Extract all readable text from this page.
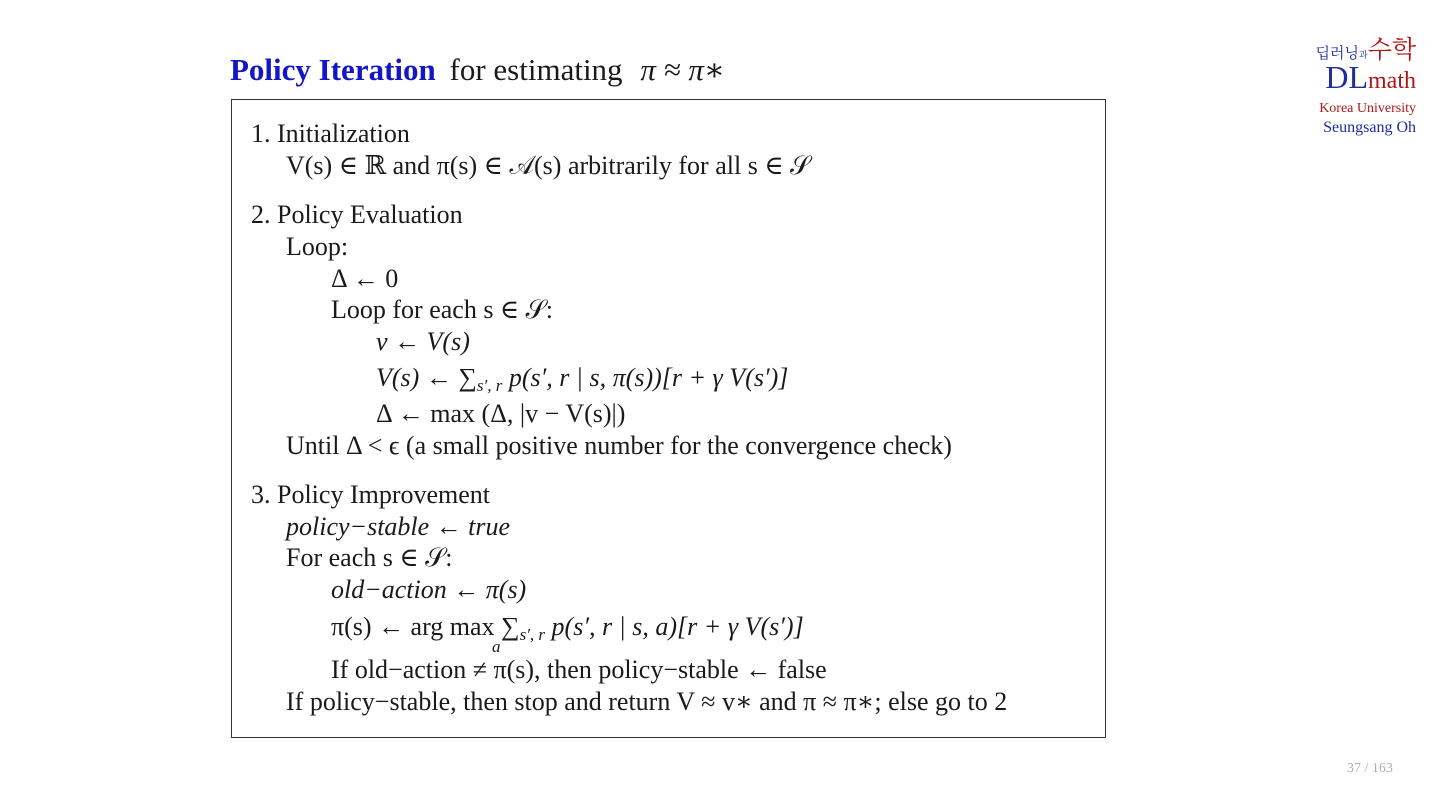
Policy Iteration for estimating π ≈ π∗	딥러닝과수학
DLmath
Korea University
Seungsang Oh
1. Initialization
V(s) ∈ ℝ and π(s) ∈ 𝒜(s) arbitrarily for all s ∈ 𝒮
2. Policy Evaluation
Loop:
Δ ← 0
Loop for each s ∈ 𝒮:
v ← V(s)
V(s) ← $\sum_{s', r}$ p(s′, r | s, π(s))[r + γ V(s′)]
Δ ← max (Δ, |v − V(s)|)
Until Δ < ϵ (a small positive number for the convergence check)
3. Policy Improvement
policy−stable ← true
For each s ∈ 𝒮:
old−action ← π(s)
π(s) ← arg $\max \sum_{s', r}$ p(s′, r | s, a)[r + γ V(s′)]
a
If old−action ≠ π(s), then policy−stable ← false
If policy−stable, then stop and return V ≈ v∗ and π ≈ π∗; else go to 2
37 / 163
